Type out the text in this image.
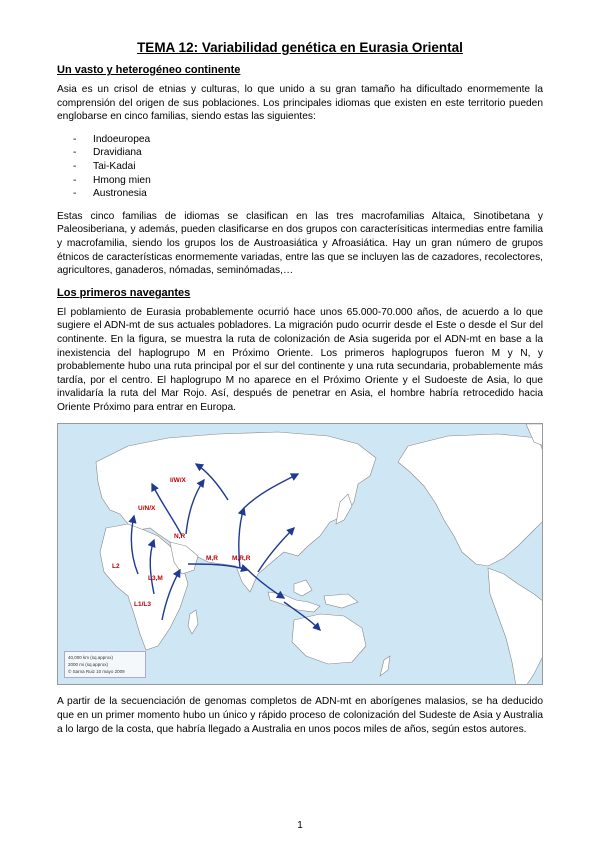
TEMA 12: Variabilidad genética en Eurasia Oriental
Un vasto y heterogéneo continente

Asia es un crisol de etnias y culturas, lo que unido a su gran tamaño ha dificultado enormemente la comprensión del origen de sus poblaciones. Los principales idiomas que existen en este territorio pueden englobarse en cinco familias, siendo estas las siguientes:

- Indoeuropea
- Dravidiana
- Tai-Kadai
- Hmong mien
- Austronesia

Estas cinco familias de idiomas se clasifican en las tres macrofamilias Altaica, Sinotibetana y Paleosiberiana, y además, pueden clasificarse en dos grupos con caracterísiticas intermedias entre familia y macrofamilia, siendo los grupos los de Austroasiática y Afroasiática. Hay un gran número de grupos étnicos de características enormemente variadas, entre las que se incluyen las de cazadores, recolectores, agricultores, ganaderos, nómadas, seminómadas,…

Los primeros navegantes

El poblamiento de Eurasia probablemente ocurrió hace unos 65.000-70.000 años, de acuerdo a lo que sugiere el ADN-mt de sus actuales pobladores. La migración pudo ocurrir desde el Este o desde el Sur del continente. En la figura, se muestra la ruta de colonización de Asia sugerida por el ADN-mt en base a la inexistencia del haplogrupo M en Próximo Oriente. Los primeros haplogrupos fueron M y N, y probablemente hubo una ruta principal por el sur del continente y una ruta secundaria, probablemente más tardía, por el centro. El haplogrupo M no aparece en el Próximo Oriente y el Sudoeste de Asia, lo que invalidaría la ruta del Mar Rojo. Así, después de penetrar en Asia, el hombre habría retrocedido hacia Oriente Próximo para entrar en Europa.

U/N/X
I/W/X
N,R
M,R M,R,R
L2
L3,M
L1/L3
40,000 km (sq.approx)
2000 mi (sq.approx)
© Sarna Ruiz 10 mayo 2009

A partir de la secuenciación de genomas completos de ADN-mt en aborígenes malasios, se ha deducido que en un primer momento hubo un único y rápido proceso de colonización del Sudeste de Asia y Australia a lo largo de la costa, que habría llegado a Australia en unos pocos miles de años, según estos autores.

1
